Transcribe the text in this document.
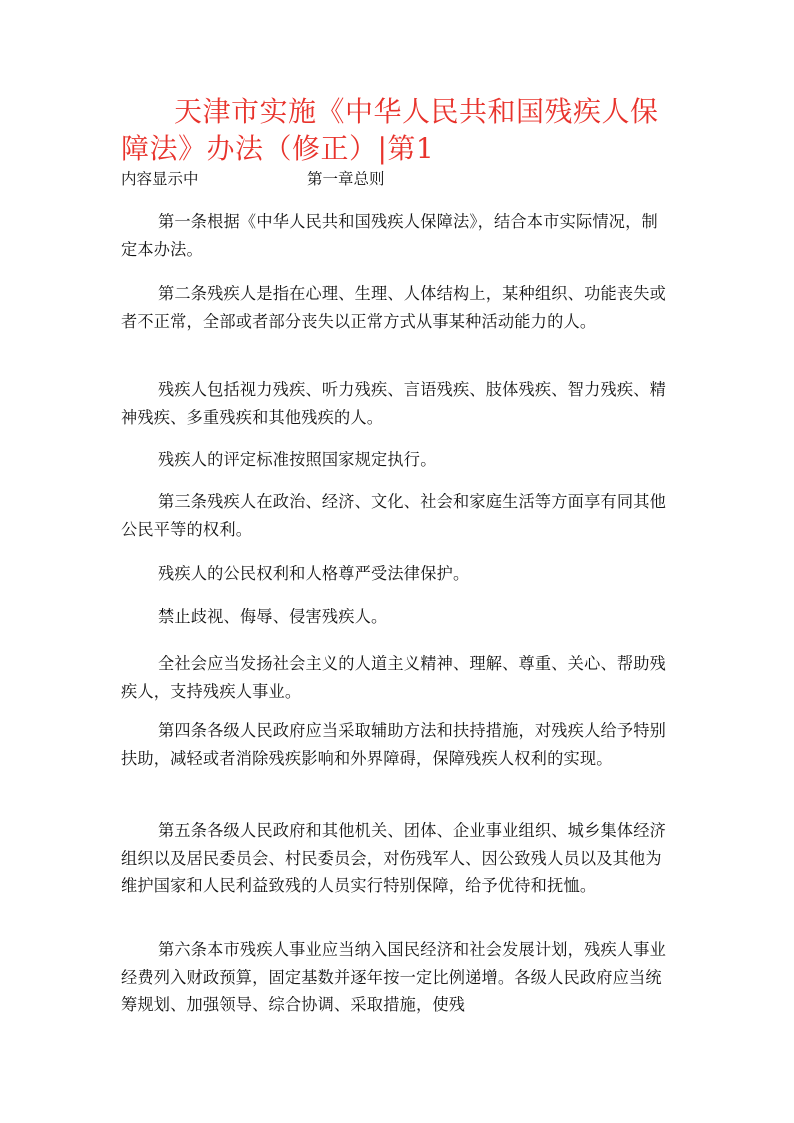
天津市实施《中华人民共和国残疾人保障法》办法（修正）|第1
内容显示中	第一章总则

第一条根据《中华人民共和国残疾人保障法》，结合本市实际情况，制定本办法。

第二条残疾人是指在心理、生理、人体结构上，某种组织、功能丧失或者不正常，全部或者部分丧失以正常方式从事某种活动能力的人。

残疾人包括视力残疾、听力残疾、言语残疾、肢体残疾、智力残疾、精神残疾、多重残疾和其他残疾的人。

残疾人的评定标准按照国家规定执行。

第三条残疾人在政治、经济、文化、社会和家庭生活等方面享有同其他公民平等的权利。

残疾人的公民权利和人格尊严受法律保护。

禁止歧视、侮辱、侵害残疾人。

全社会应当发扬社会主义的人道主义精神、理解、尊重、关心、帮助残疾人，支持残疾人事业。

第四条各级人民政府应当采取辅助方法和扶持措施，对残疾人给予特别扶助，减轻或者消除残疾影响和外界障碍，保障残疾人权利的实现。

第五条各级人民政府和其他机关、团体、企业事业组织、城乡集体经济组织以及居民委员会、村民委员会，对伤残军人、因公致残人员以及其他为维护国家和人民利益致残的人员实行特别保障，给予优待和抚恤。

第六条本市残疾人事业应当纳入国民经济和社会发展计划，残疾人事业经费列入财政预算，固定基数并逐年按一定比例递增。各级人民政府应当统筹规划、加强领导、综合协调、采取措施，使残
